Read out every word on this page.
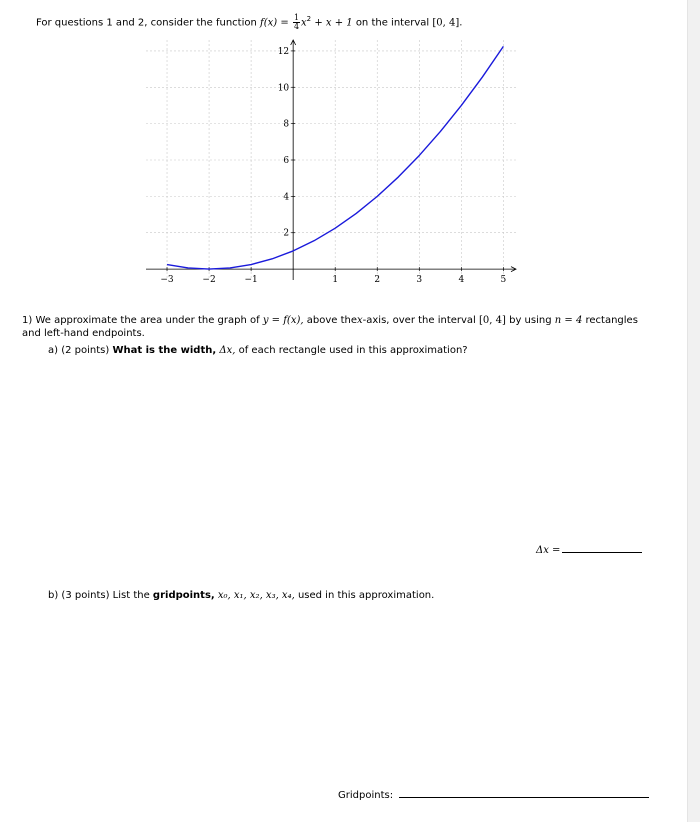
For questions 1 and 2, consider the function $f(x) = \frac{1}{4} x^2 + x + 1$ on the interval [0, 4].
−3	−2	−1	1	2	3	4	5
2
4
6
8
10
12
1) We approximate the area under the graph of y = f(x), above thex-axis, over the interval [0, 4] by using n = 4 rectangles and left-hand endpoints.
a) (2 points) What is the width, Δx, of each rectangle used in this approximation?
Δx =
b) (3 points) List the gridpoints, x₀, x₁, x₂, x₃, x₄, used in this approximation.
Gridpoints:
